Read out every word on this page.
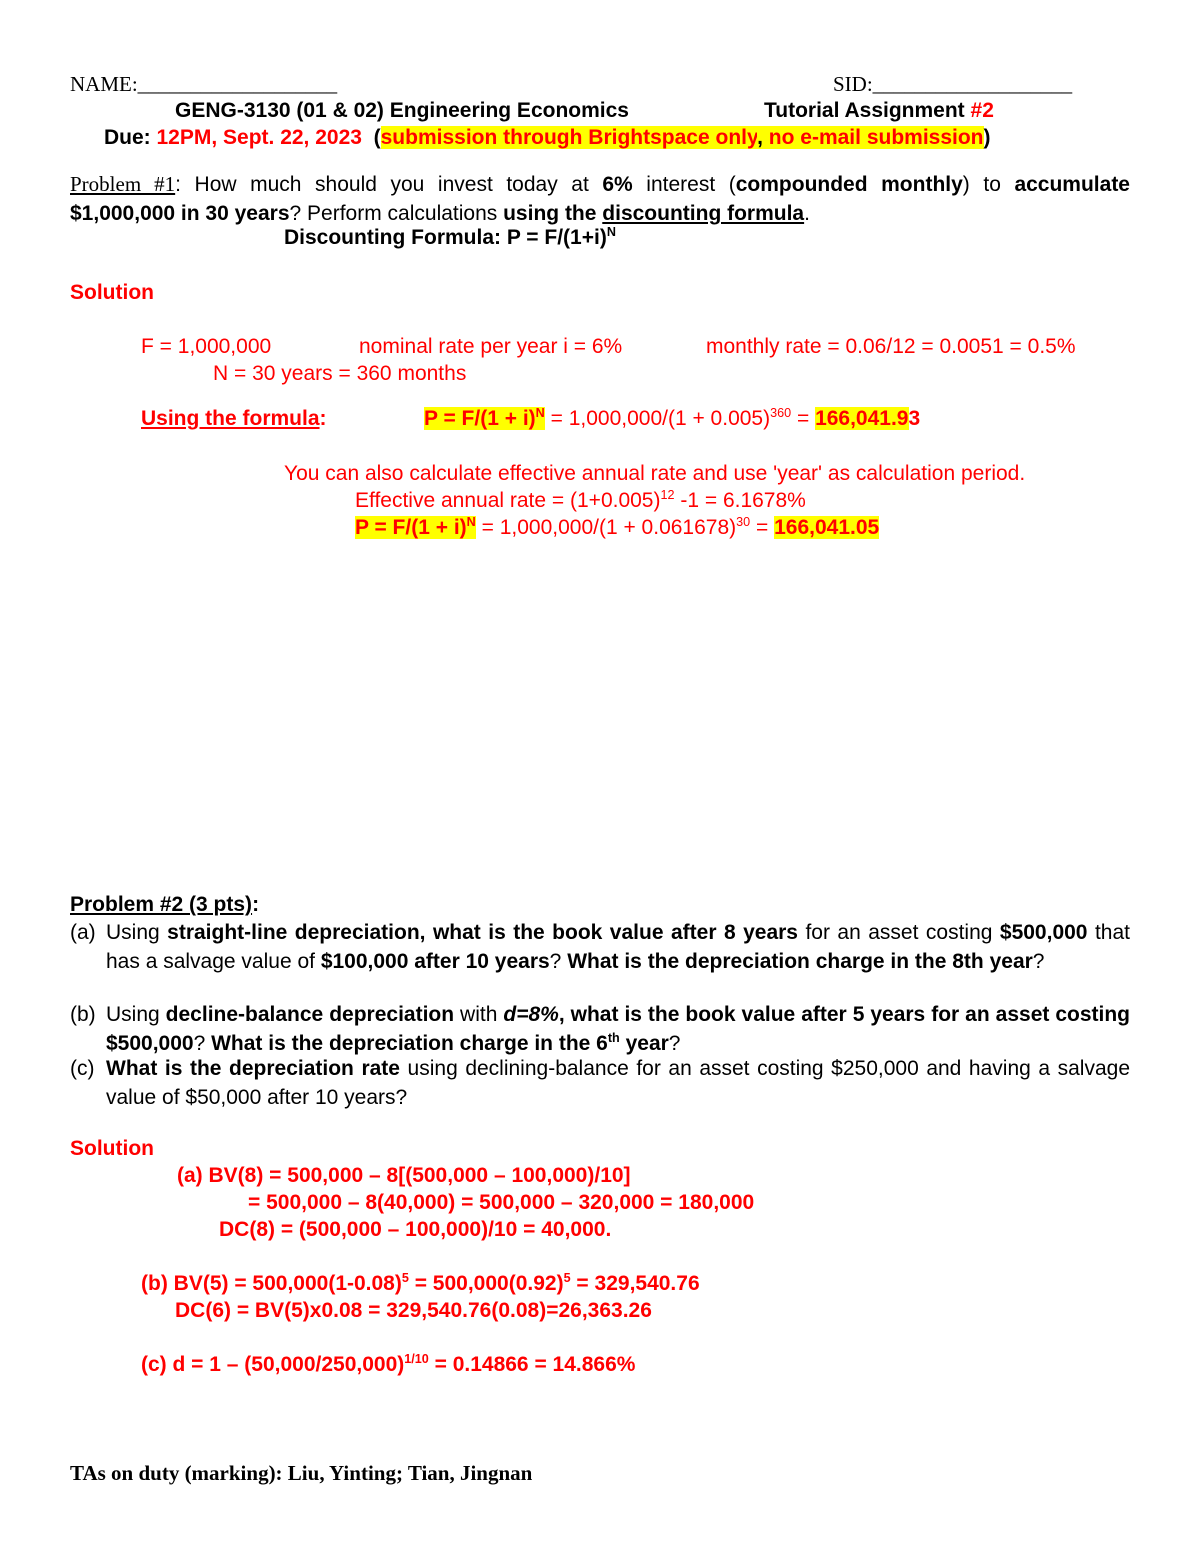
NAME:___________________	SID:___________________
GENG-3130 (01 & 02) Engineering Economics	Tutorial Assignment #2
Due: 12PM, Sept. 22, 2023 (submission through Brightspace only, no e-mail submission)
Problem #1: How much should you invest today at 6% interest (compounded monthly) to accumulate $1,000,000 in 30 years? Perform calculations using the discounting formula.
Discounting Formula: $P = F/(1+i)^N$
Solution
F = 1,000,000	nominal rate per year i = 6%	monthly rate = 0.06/12 = 0.0051 = 0.5%
N = 30 years = 360 months
Using the formula:	$P = F/(1 + i)^N = 1,000,000/(1 + 0.005)^{360} = 166,041.93$
You can also calculate effective annual rate and use 'year' as calculation period.
Effective annual rate = $(1+0.005)^{12}$ -1 = 6.1678%
$P = F/(1 + i)^N = 1,000,000/(1 + 0.061678)^{30} = 166,041.05$
Problem #2 (3 pts):
(a) Using straight-line depreciation, what is the book value after 8 years for an asset costing $500,000 that has a salvage value of $100,000 after 10 years? What is the depreciation charge in the 8th year?
(b) Using decline-balance depreciation with d=8%, what is the book value after 5 years for an asset costing $500,000? What is the depreciation charge in the 6th year?
(c) What is the depreciation rate using declining-balance for an asset costing $250,000 and having a salvage value of $50,000 after 10 years?
Solution
(a) BV(8) = 500,000 – 8[(500,000 – 100,000)/10]
= 500,000 – 8(40,000) = 500,000 – 320,000 = 180,000
DC(8) = (500,000 – 100,000)/10 = 40,000.
(b) $BV(5) = 500,000(1-0.08)^5 = 500,000(0.92)^5 = 329,540.76$
DC(6) = BV(5)x0.08 = 329,540.76(0.08)=26,363.26
(c) $d = 1 - (50,000/250,000)^{1/10} = 0.14866 = 14.866\%$
TAs on duty (marking): Liu, Yinting; Tian, Jingnan
